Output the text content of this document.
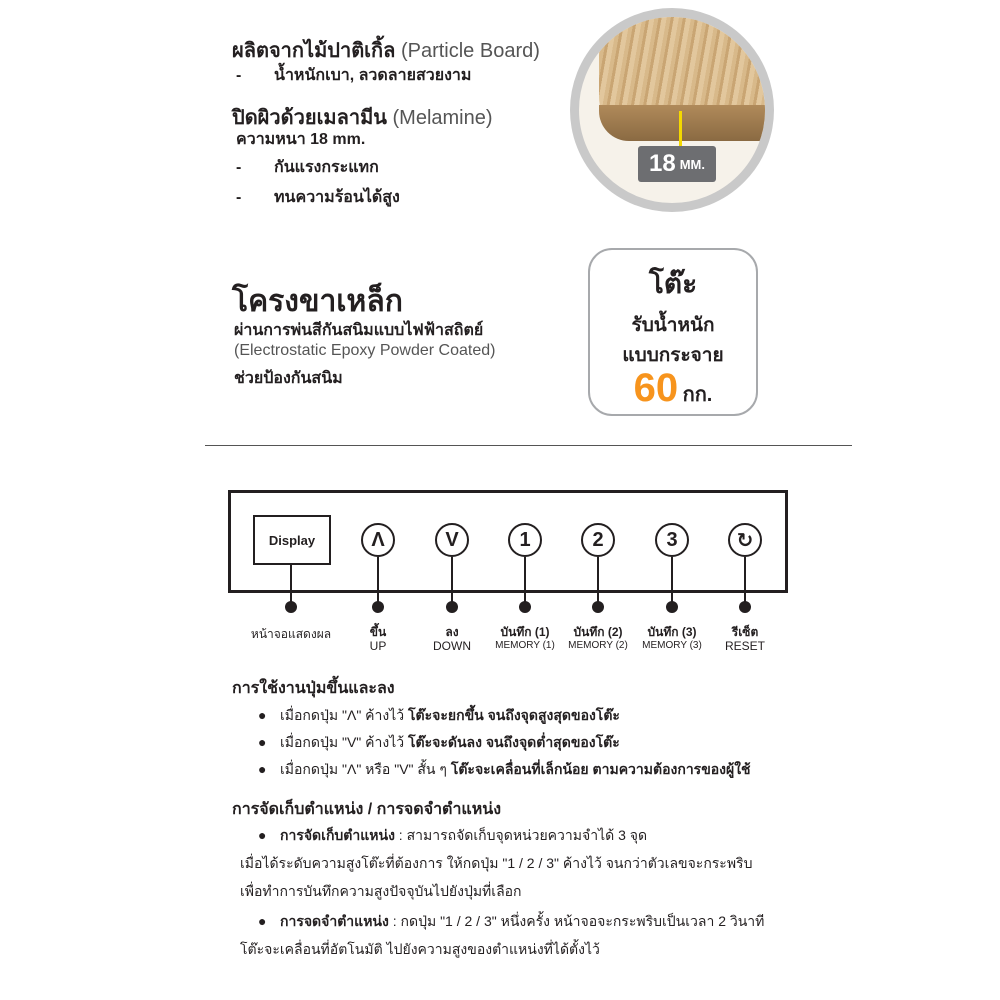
ผลิตจากไม้ปาติเกิ้ล (Particle Board)
- น้ำหนักเบา, ลวดลายสวยงาม
ปิดผิวด้วยเมลามีน (Melamine)
ความหนา 18 mm.
- กันแรงกระแทก
- ทนความร้อนได้สูง
18 MM.
โครงขาเหล็ก
ผ่านการพ่นสีกันสนิมแบบไฟฟ้าสถิตย์
(Electrostatic Epoxy Powder Coated)
ช่วยป้องกันสนิม
โต๊ะ
รับน้ำหนัก
แบบกระจาย
60 กก.
Display
หน้าจอแสดงผล
Λ
ขึ้น
UP
V
ลง
DOWN
1
บันทึก (1)
MEMORY (1)
2
บันทึก (2)
MEMORY (2)
3
บันทึก (3)
MEMORY (3)
↻
รีเซ็ต
RESET
การใช้งานปุ่มขึ้นและลง
● เมื่อกดปุ่ม "Λ" ค้างไว้ โต๊ะจะยกขึ้น จนถึงจุดสูงสุดของโต๊ะ
● เมื่อกดปุ่ม "V" ค้างไว้ โต๊ะจะดันลง จนถึงจุดต่ำสุดของโต๊ะ
● เมื่อกดปุ่ม "Λ" หรือ "V" สั้น ๆ โต๊ะจะเคลื่อนที่เล็กน้อย ตามความต้องการของผู้ใช้
การจัดเก็บตำแหน่ง / การจดจำตำแหน่ง
● การจัดเก็บตำแหน่ง : สามารถจัดเก็บจุดหน่วยความจำได้ 3 จุด
เมื่อได้ระดับความสูงโต๊ะที่ต้องการ ให้กดปุ่ม "1 / 2 / 3" ค้างไว้ จนกว่าตัวเลขจะกระพริบ
เพื่อทำการบันทึกความสูงปัจจุบันไปยังปุ่มที่เลือก
● การจดจำตำแหน่ง : กดปุ่ม "1 / 2 / 3" หนึ่งครั้ง หน้าจอจะกระพริบเป็นเวลา 2 วินาที
โต๊ะจะเคลื่อนที่อัตโนมัติ ไปยังความสูงของตำแหน่งที่ได้ตั้งไว้
